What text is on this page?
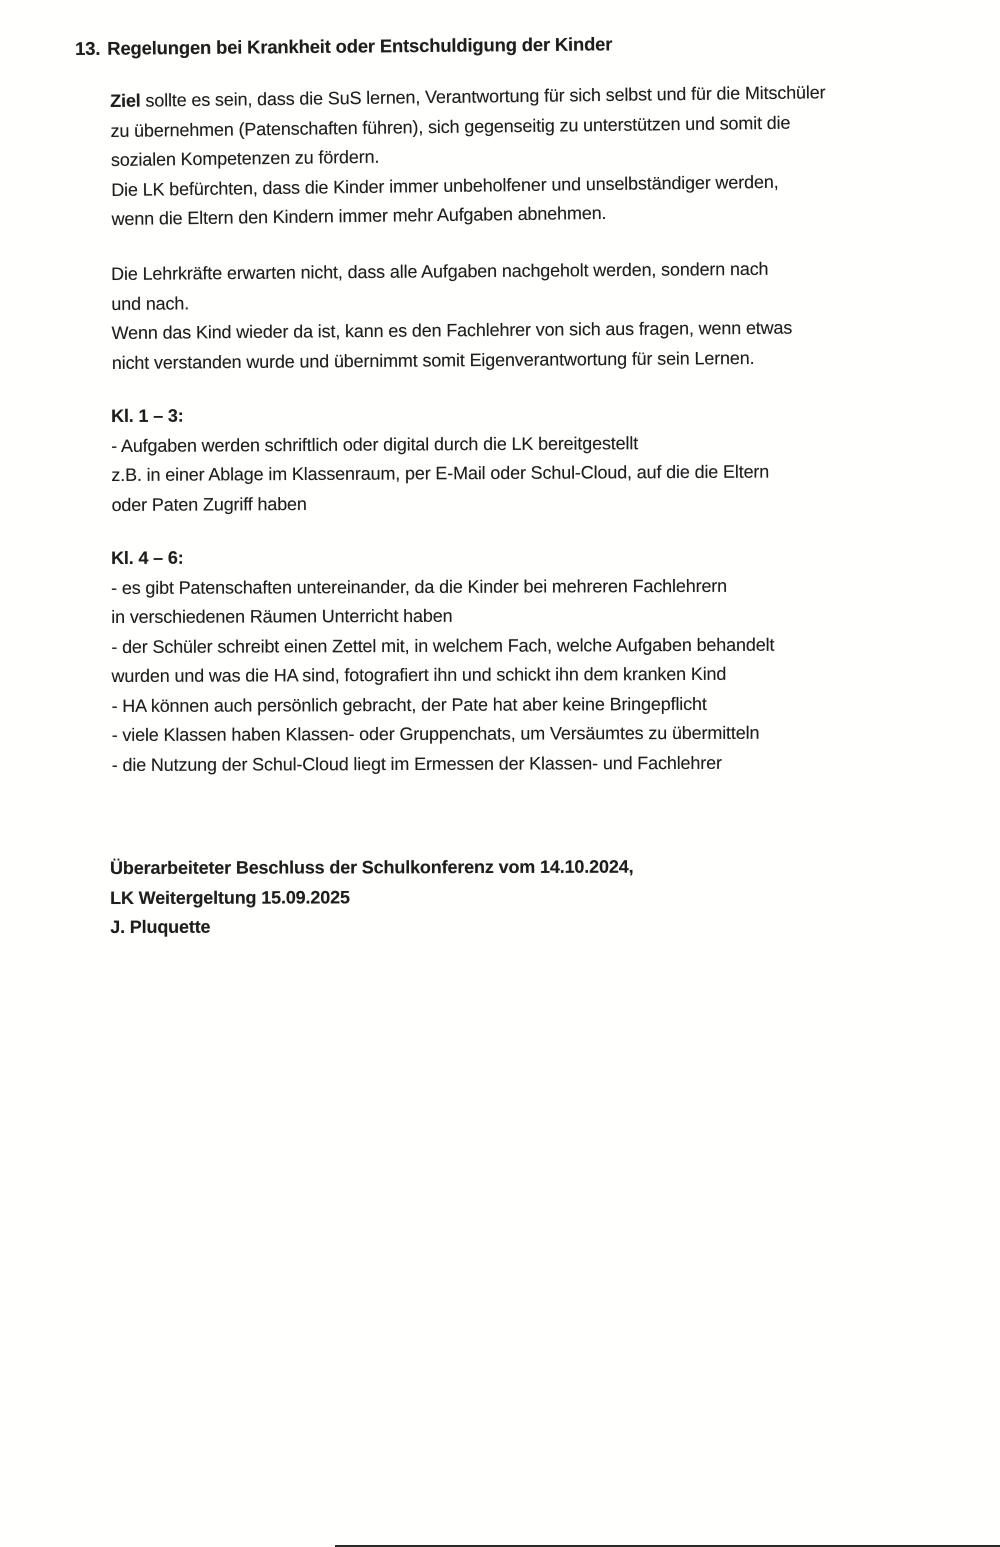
13. Regelungen bei Krankheit oder Entschuldigung der Kinder
Ziel sollte es sein, dass die SuS lernen, Verantwortung für sich selbst und für die Mitschüler
zu übernehmen (Patenschaften führen), sich gegenseitig zu unterstützen und somit die
sozialen Kompetenzen zu fördern.
Die LK befürchten, dass die Kinder immer unbeholfener und unselbständiger werden,
wenn die Eltern den Kindern immer mehr Aufgaben abnehmen.
Die Lehrkräfte erwarten nicht, dass alle Aufgaben nachgeholt werden, sondern nach
und nach.
Wenn das Kind wieder da ist, kann es den Fachlehrer von sich aus fragen, wenn etwas
nicht verstanden wurde und übernimmt somit Eigenverantwortung für sein Lernen.
Kl. 1 – 3:
- Aufgaben werden schriftlich oder digital durch die LK bereitgestellt
z.B. in einer Ablage im Klassenraum, per E-Mail oder Schul-Cloud, auf die die Eltern
oder Paten Zugriff haben
Kl. 4 – 6:
- es gibt Patenschaften untereinander, da die Kinder bei mehreren Fachlehrern
in verschiedenen Räumen Unterricht haben
- der Schüler schreibt einen Zettel mit, in welchem Fach, welche Aufgaben behandelt
wurden und was die HA sind, fotografiert ihn und schickt ihn dem kranken Kind
- HA können auch persönlich gebracht, der Pate hat aber keine Bringepflicht
- viele Klassen haben Klassen- oder Gruppenchats, um Versäumtes zu übermitteln
- die Nutzung der Schul-Cloud liegt im Ermessen der Klassen- und Fachlehrer
Überarbeiteter Beschluss der Schulkonferenz vom 14.10.2024,
LK Weitergeltung 15.09.2025
J. Pluquette
